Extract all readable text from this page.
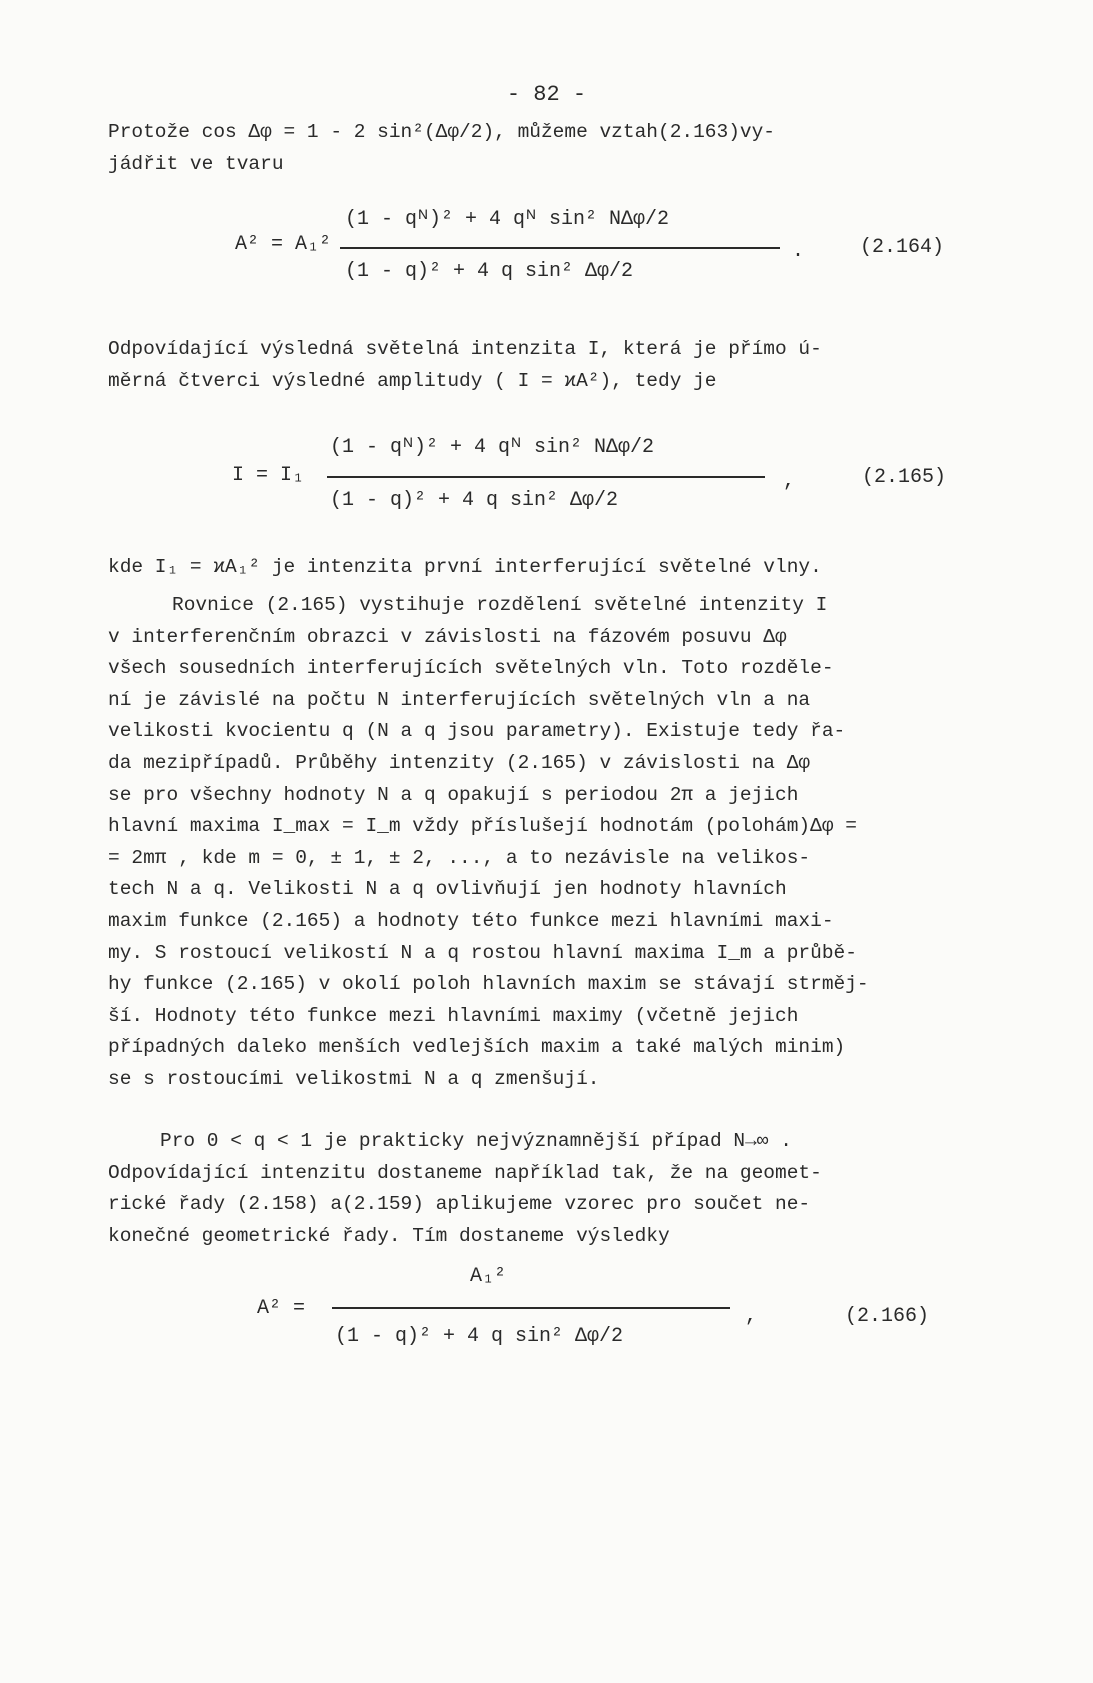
- 82 -

Protože cos Δφ = 1 - 2 sin²(Δφ/2), můžeme vztah(2.163)vy-
jádřit ve tvaru

A² = A₁²
(1 - qᴺ)² + 4 qᴺ sin² NΔφ/2
(1 - q)² + 4 q sin² Δφ/2
.	(2.164)

Odpovídající výsledná světelná intenzita I, která je přímo ú-
měrná čtverci výsledné amplitudy ( I = ϰA²), tedy je

I = I₁
(1 - qᴺ)² + 4 qᴺ sin² NΔφ/2
(1 - q)² + 4 q sin² Δφ/2
,	(2.165)

kde I₁ = ϰA₁² je intenzita první interferující světelné vlny.

Rovnice (2.165) vystihuje rozdělení světelné intenzity I
v interferenčním obrazci v závislosti na fázovém posuvu Δφ
všech sousedních interferujících světelných vln. Toto rozděle-
ní je závislé na počtu N interferujících světelných vln a na
velikosti kvocientu q (N a q jsou parametry). Existuje tedy řa-
da mezipřípadů. Průběhy intenzity (2.165) v závislosti na Δφ
se pro všechny hodnoty N a q opakují s periodou 2π a jejich
hlavní maxima I_max = I_m vždy příslušejí hodnotám (polohám)Δφ =
= 2mπ , kde m = 0, ± 1, ± 2, ..., a to nezávisle na velikos-
tech N a q. Velikosti N a q ovlivňují jen hodnoty hlavních
maxim funkce (2.165) a hodnoty této funkce mezi hlavními maxi-
my. S rostoucí velikostí N a q rostou hlavní maxima I_m a průbě-
hy funkce (2.165) v okolí poloh hlavních maxim se stávají strměj-
ší. Hodnoty této funkce mezi hlavními maximy (včetně jejich
případných daleko menších vedlejších maxim a také malých minim)
se s rostoucími velikostmi N a q zmenšují.

Pro 0 < q < 1 je prakticky nejvýznamnější případ N→∞ .
Odpovídající intenzitu dostaneme například tak, že na geomet-
rické řady (2.158) a(2.159) aplikujeme vzorec pro součet ne-
konečné geometrické řady. Tím dostaneme výsledky

A² =
A₁²
(1 - q)² + 4 q sin² Δφ/2
,	(2.166)
